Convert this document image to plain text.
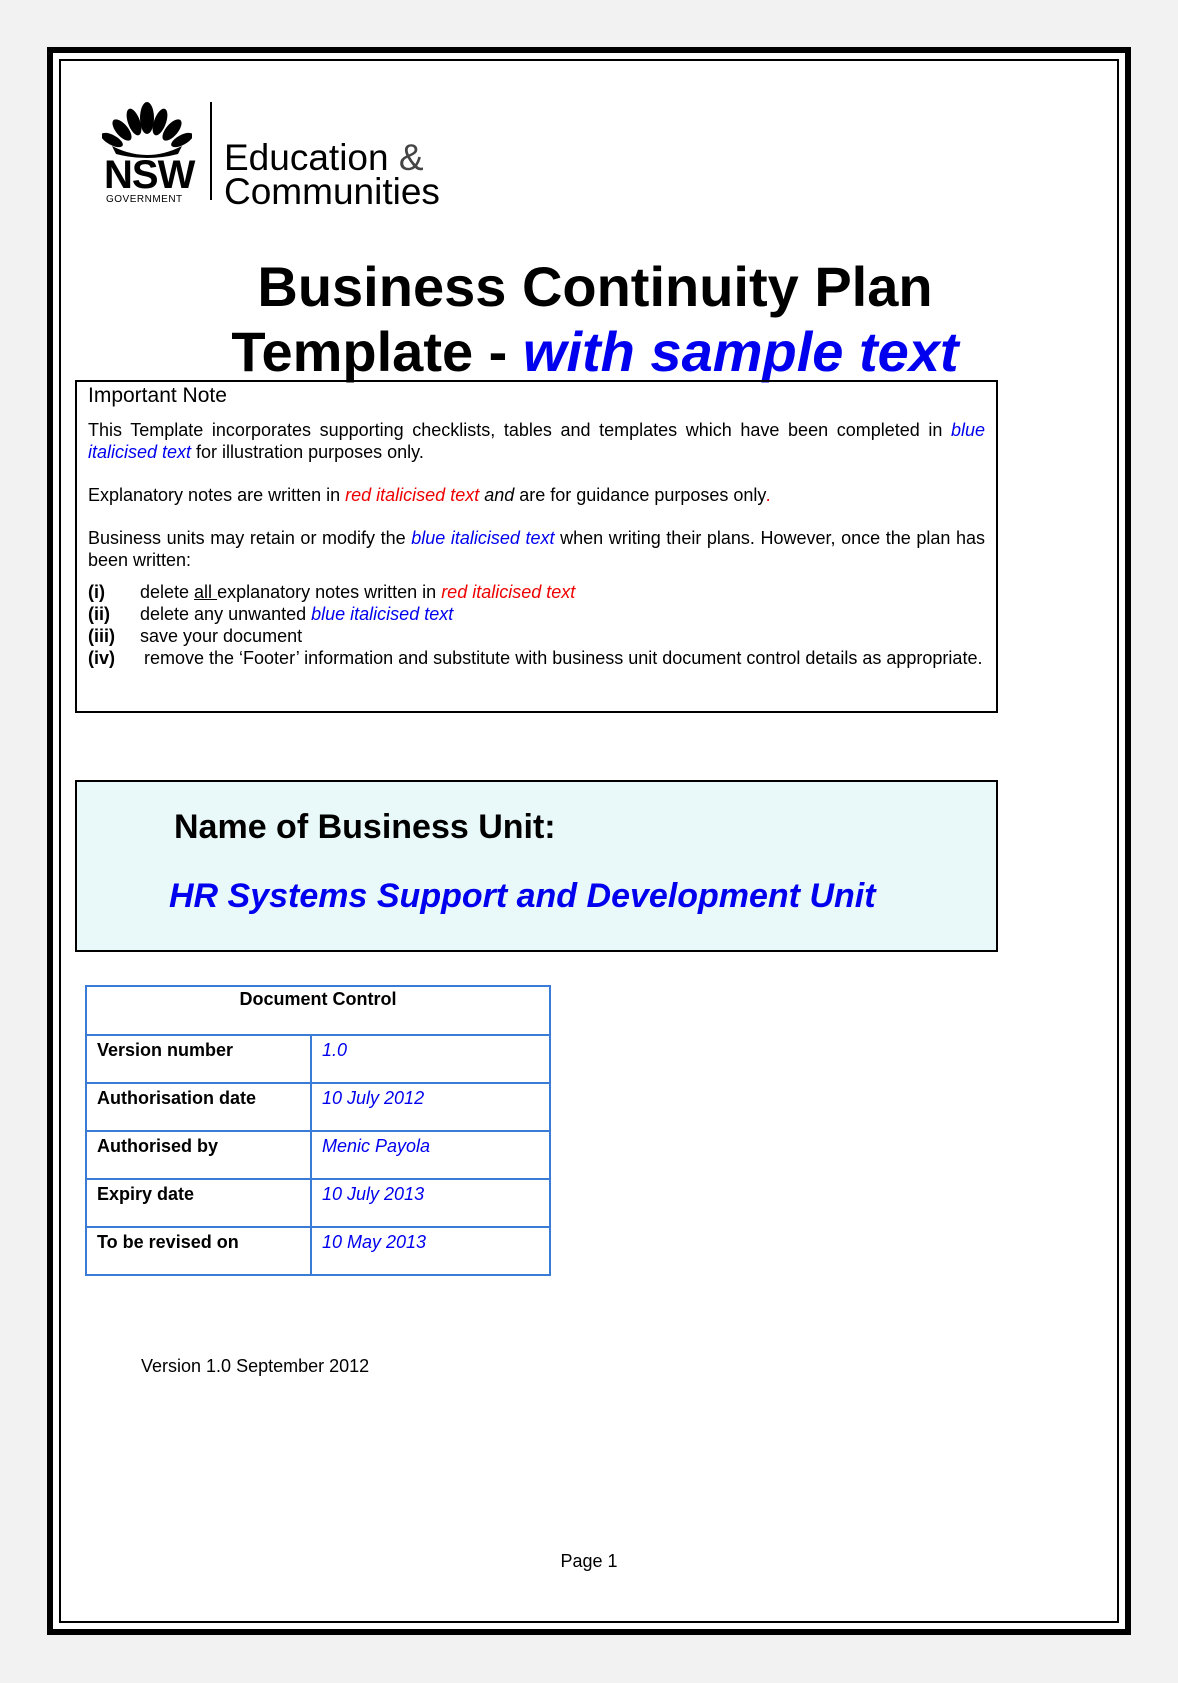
NSW
GOVERNMENT
Education &
Communities
Business Continuity Plan
Template - with sample text
Important Note

This Template incorporates supporting checklists, tables and templates which have been completed in blue italicised text for illustration purposes only.

Explanatory notes are written in red italicised text and are for guidance purposes only.

Business units may retain or modify the blue italicised text when writing their plans. However, once the plan has been written:

(i)	delete all explanatory notes written in red italicised text
(ii)	delete any unwanted blue italicised text
(iii)	save your document
(iv)	remove the ‘Footer’ information and substitute with business unit document control details as appropriate.
Name of Business Unit:
HR Systems Support and Development Unit
Document Control	
Version number	1.0
Authorisation date	10 July 2012
Authorised by	Menic Payola
Expiry date	10 July 2013
To be revised on	10 May 2013
Version 1.0 September 2012
Page 1
